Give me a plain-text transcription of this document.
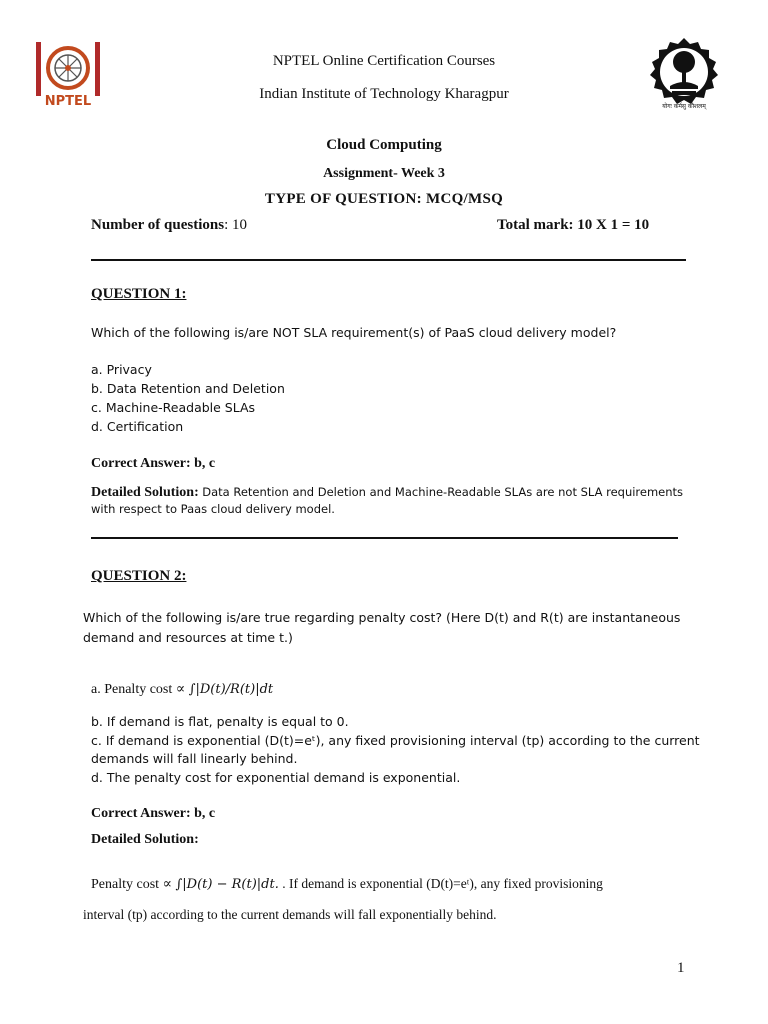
NPTEL	योगः कर्मसु कौशलम्

NPTEL Online Certification Courses

Indian Institute of Technology Kharagpur

Cloud Computing

Assignment- Week 3

TYPE OF QUESTION: MCQ/MSQ

Number of questions: 10	Total mark: 10 X 1 = 10

QUESTION 1:

Which of the following is/are NOT SLA requirement(s) of PaaS cloud delivery model?

a. Privacy

b. Data Retention and Deletion

c. Machine-Readable SLAs

d. Certification

Correct Answer: b, c

Detailed Solution: Data Retention and Deletion and Machine-Readable SLAs are not SLA requirements

with respect to Paas cloud delivery model.

QUESTION 2:

Which of the following is/are true regarding penalty cost? (Here D(t) and R(t) are instantaneous

demand and resources at time t.)

a. Penalty cost ∝ ∫|D(t)/R(t)|dt

b. If demand is flat, penalty is equal to 0.

c. If demand is exponential (D(t)=eᵗ), any fixed provisioning interval (tp) according to the current

demands will fall linearly behind.

d. The penalty cost for exponential demand is exponential.

Correct Answer: b, c

Detailed Solution:

Penalty cost ∝ ∫|D(t) − R(t)|dt. . If demand is exponential (D(t)=eᵗ), any fixed provisioning

interval (tp) according to the current demands will fall exponentially behind.

1
